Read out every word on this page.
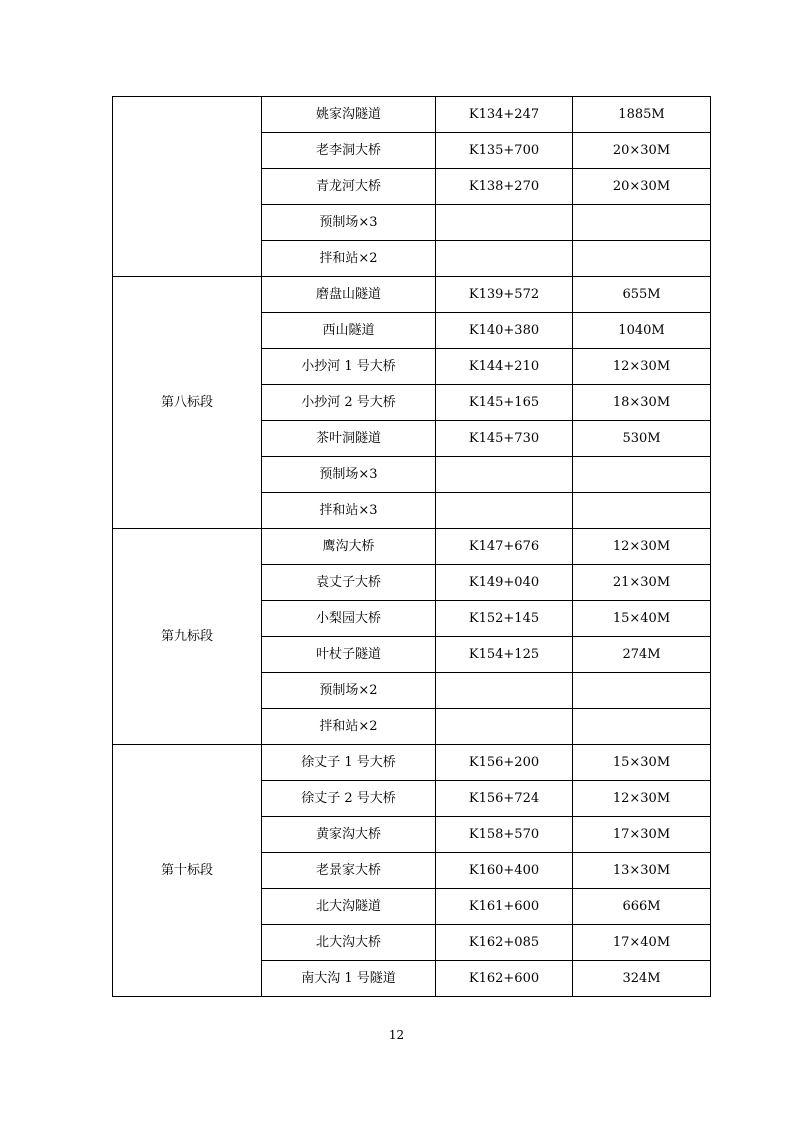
	姚家沟隧道	K134+247	1885M
	老李洞大桥	K135+700	20×30M
	青龙河大桥	K138+270	20×30M
	预制场×3		
	拌和站×2		
第八标段	磨盘山隧道	K139+572	655M
	西山隧道	K140+380	1040M
	小抄河 1 号大桥	K144+210	12×30M
	小抄河 2 号大桥	K145+165	18×30M
	茶叶洞隧道	K145+730	530M
	预制场×3		
	拌和站×3		
第九标段	鹰沟大桥	K147+676	12×30M
	袁丈子大桥	K149+040	21×30M
	小梨园大桥	K152+145	15×40M
	叶杖子隧道	K154+125	274M
	预制场×2		
	拌和站×2		
第十标段	徐丈子 1 号大桥	K156+200	15×30M
	徐丈子 2 号大桥	K156+724	12×30M
	黄家沟大桥	K158+570	17×30M
	老景家大桥	K160+400	13×30M
	北大沟隧道	K161+600	666M
	北大沟大桥	K162+085	17×40M
	南大沟 1 号隧道	K162+600	324M
12
